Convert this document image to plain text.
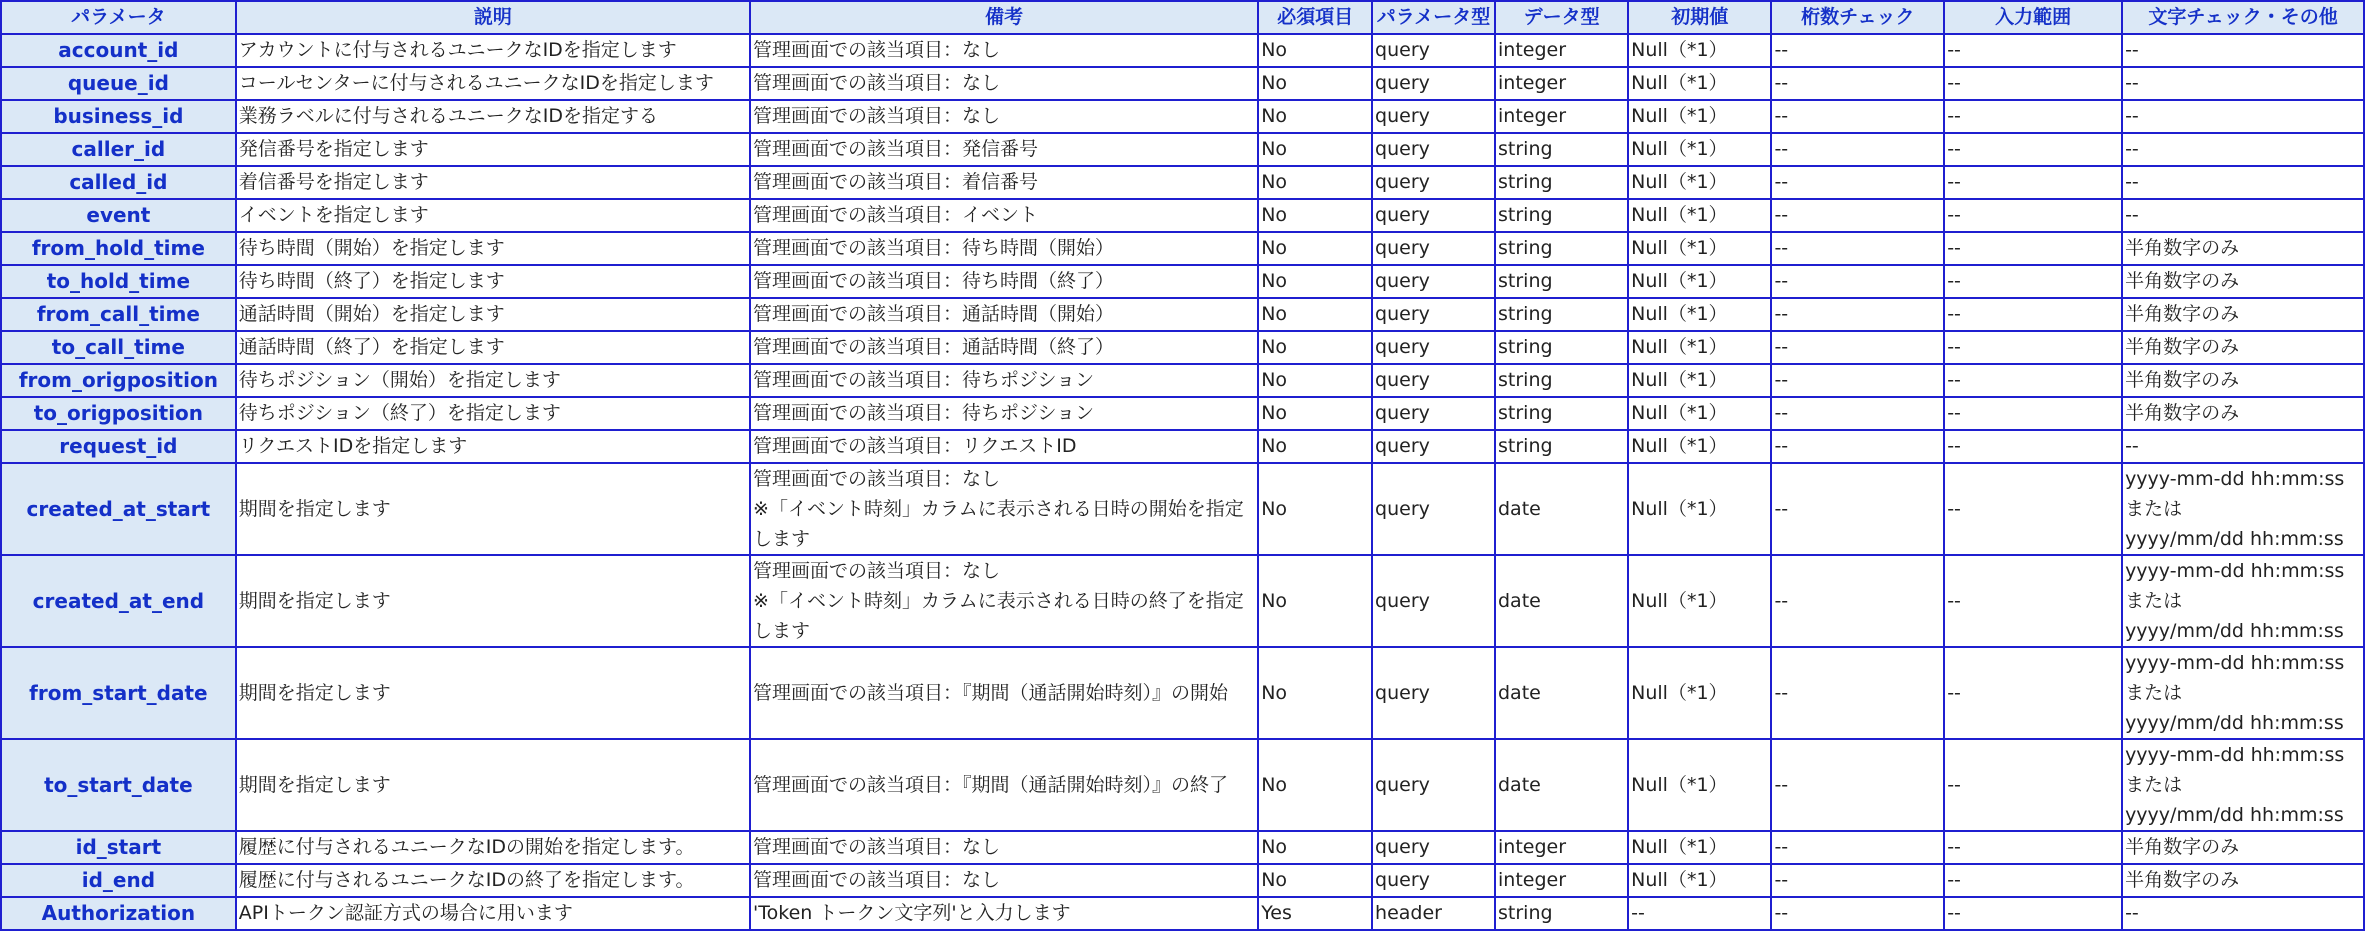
パラメータ	説明	備考	必須項目	パラメータ型	データ型	初期値	桁数チェック	入力範囲	文字チェック・その他
account_id	アカウントに付与されるユニークなIDを指定します	管理画面での該当項目：なし	No	query	integer	Null（*1）	--	--	--

queue_id	コールセンターに付与されるユニークなIDを指定します	管理画面での該当項目：なし	No	query	integer	Null（*1）	--	--	--

business_id	業務ラベルに付与されるユニークなIDを指定する	管理画面での該当項目：なし	No	query	integer	Null（*1）	--	--	--

caller_id	発信番号を指定します	管理画面での該当項目：発信番号	No	query	string	Null（*1）	--	--	--

called_id	着信番号を指定します	管理画面での該当項目：着信番号	No	query	string	Null（*1）	--	--	--

event	イベントを指定します	管理画面での該当項目：イベント	No	query	string	Null（*1）	--	--	--

from_hold_time	待ち時間（開始）を指定します	管理画面での該当項目：待ち時間（開始）	No	query	string	Null（*1）	--	--	半角数字のみ

to_hold_time	待ち時間（終了）を指定します	管理画面での該当項目：待ち時間（終了）	No	query	string	Null（*1）	--	--	半角数字のみ

from_call_time	通話時間（開始）を指定します	管理画面での該当項目：通話時間（開始）	No	query	string	Null（*1）	--	--	半角数字のみ

to_call_time	通話時間（終了）を指定します	管理画面での該当項目：通話時間（終了）	No	query	string	Null（*1）	--	--	半角数字のみ

from_origposition	待ちポジション（開始）を指定します	管理画面での該当項目：待ちポジション	No	query	string	Null（*1）	--	--	半角数字のみ

to_origposition	待ちポジション（終了）を指定します	管理画面での該当項目：待ちポジション	No	query	string	Null（*1）	--	--	半角数字のみ

request_id	リクエストIDを指定します	管理画面での該当項目：リクエストID	No	query	string	Null（*1）	--	--	--

created_at_start	期間を指定します	管理画面での該当項目：なし
※「イベント時刻」カラムに表示される日時の開始を指定
します	No	query	date	Null（*1）	--	--	yyyy-mm-dd hh:mm:ss
または
yyyy/mm/dd hh:mm:ss

created_at_end	期間を指定します	管理画面での該当項目：なし
※「イベント時刻」カラムに表示される日時の終了を指定
します	No	query	date	Null（*1）	--	--	yyyy-mm-dd hh:mm:ss
または
yyyy/mm/dd hh:mm:ss

from_start_date	期間を指定します	管理画面での該当項目：『期間（通話開始時刻）』の開始	No	query	date	Null（*1）	--	--	yyyy-mm-dd hh:mm:ss
または
yyyy/mm/dd hh:mm:ss

to_start_date	期間を指定します	管理画面での該当項目：『期間（通話開始時刻）』の終了	No	query	date	Null（*1）	--	--	yyyy-mm-dd hh:mm:ss
または
yyyy/mm/dd hh:mm:ss

id_start	履歴に付与されるユニークなIDの開始を指定します。	管理画面での該当項目：なし	No	query	integer	Null（*1）	--	--	半角数字のみ

id_end	履歴に付与されるユニークなIDの終了を指定します。	管理画面での該当項目：なし	No	query	integer	Null（*1）	--	--	半角数字のみ

Authorization	APIトークン認証方式の場合に用います	'Token トークン文字列'と入力します	Yes	header	string	--	--	--	--
